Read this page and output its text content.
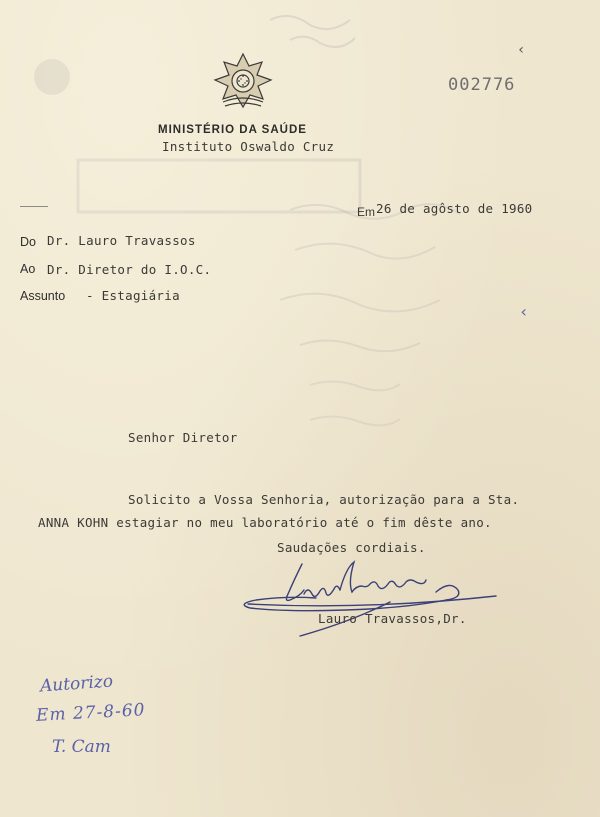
MINISTÉRIO DA SAÚDE
Instituto Oswaldo Cruz
002776
‹
Em 26 de agôsto de 1960
Do Dr. Lauro Travassos
Ao Dr. Diretor do I.O.C.
Assunto - Estagiária
‹
Senhor Diretor
Solicito a Vossa Senhoria, autorização para a Sta.
ANNA KOHN estagiar no meu laboratório até o fim dêste ano.
Saudações cordiais.
Lauro Travassos,Dr.
Autorizo
Em 27-8-60
T. Cam
